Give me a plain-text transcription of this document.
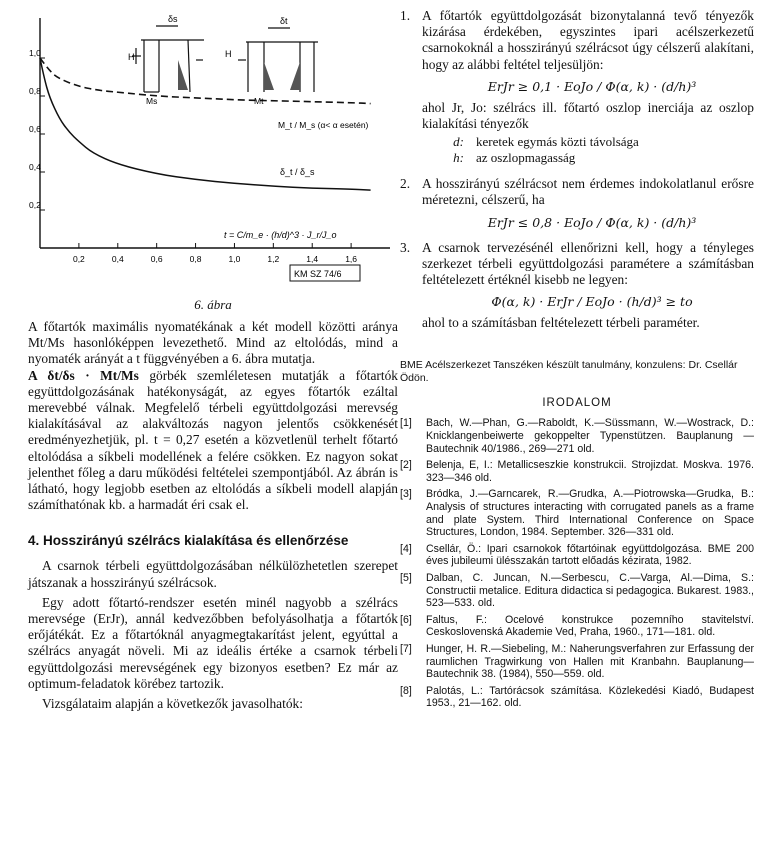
1,0
0,8
0,6
0,4
0,2
0,2	0,4	0,6	0,8	1,0	1,2	1,4	1,6
H	H
Ms	Mt
δs	δt
M_t / M_s (α< α esetén)
δ_t / δ_s
t = C/m_e · (h/d)^3 · J_r/J_o
KM SZ 74/6
6. ábra

A főtartók maximális nyomatékának a két modell közötti aránya Mt/Ms hasonlóképpen levezethető. Mind az eltolódás, mind a nyomaték arányát a t függvényében a 6. ábra mutatja.

A δt/δs · Mt/Ms görbék szemléletesen mutatják a főtartók együttdolgozásának hatékonyságát, az egyes főtartók ezáltal merevebbé válnak. Megfelelő térbeli együttdolgozási merevség kialakításával az alakváltozás nagyon jelentős csökkenését eredményezhetjük, pl. t = 0,27 esetén a közvetlenül terhelt főtartó eltolódása a síkbeli modellének a felére csökken. Ez nagyon sokat jelenthet főleg a daru működési feltételei szempontjából. Az ábrán is látható, hogy legjobb esetben az eltolódás a síkbeli modell alapján számíthatónak kb. a harmadát éri csak el.

4. Hosszirányú szélrács kialakítása és ellenőrzése

A csarnok térbeli együttdolgozásában nélkülözhetetlen szerepet játszanak a hosszirányú szélrácsok.

Egy adott főtartó-rendszer esetén minél nagyobb a szélrács merevsége (ErJr), annál kedvezőbben befolyásolhatja a főtartók erőjátékát. Ez a főtartóknál anyagmegtakarítást jelent, egyúttal a szélrács anyagát növeli. Mi az ideális értéke a csarnok térbeli együttdolgozási merevségének egy bizonyos esetben? Ez már az optimum-feladatok körébez tartozik.

Vizsgálataim alapján a következők javasolhatók:

1. A főtartók együttdolgozását bizonytalanná tevő tényezők kizárása érdekében, egyszintes ipari acélszerkezetű csarnokoknál a hosszirányú szélrácsot úgy célszerű alakítani, hogy az alábbi feltétel teljesüljön:
ErJr ≥ 0,1 · EoJo / Φ(α, k) · (d/h)³

ahol Jr, Jo: szélrács ill. főtartó oszlop inerciája az oszlop kialakítási tényezők

d: keretek egymás közti távolsága
h: az oszlopmagasság
2. A hosszirányú szélrácsot nem érdemes indokolatlanul erősre méretezni, célszerű, ha
ErJr ≤ 0,8 · EoJo / Φ(α, k) · (d/h)³
3. A csarnok tervezésénél ellenőrizni kell, hogy a tényleges szerkezet térbeli együttdolgozási paramétere a számításban feltételezett értéknél kisebb ne legyen:
Φ(α, k) · ErJr / EoJo · (h/d)³ ≥ to

ahol to a számításban feltételezett térbeli paraméter.

BME Acélszerkezet Tanszéken készült tanulmány, konzulens: Dr. Csellár Ödön.
IRODALOM
[1] Bach, W.—Phan, G.—Raboldt, K.—Süssmann, W.—Wostrack, D.: Knicklangenbeiwerte gekoppelter Typenstützen. Bauplanung — Bautechnik 40/1986., 269—271 old.
[2] Belenja, E, I.: Metallicseszkie konstrukcii. Strojizdat. Moskva. 1976. 323—346 old.
[3] Bródka, J.—Garncarek, R.—Grudka, A.—Piotrowska—Grudka, B.: Analysis of structures interacting with corrugated panels as a frame and plate System. Third International Conference on Space Structures, London, 1984. September. 326—331 old.
[4] Csellár, Ö.: Ipari csarnokok főtartóinak együttdolgozása. BME 200 éves jubileumi ülésszakán tartott előadás kézirata, 1982.
[5] Dalban, C. Juncan, N.—Serbescu, C.—Varga, Al.—Dima, S.: Constructii metalice. Editura didactica si pedagogica. Bukarest. 1983., 523—533. old.
[6] Faltus, F.: Ocelové konstrukce pozemního stavitelství. Ceskoslovenská Akademie Ved, Praha, 1960., 171—181. old.
[7] Hunger, H. R.—Siebeling, M.: Naherungsverfahren zur Erfassung der raumlichen Tragwirkung von Hallen mit Kranbahn. Bauplanung—Bautechnik 38. (1984), 550—559. old.
[8] Palotás, L.: Tartórácsok számítása. Közlekedési Kiadó, Budapest 1953., 21—162. old.
